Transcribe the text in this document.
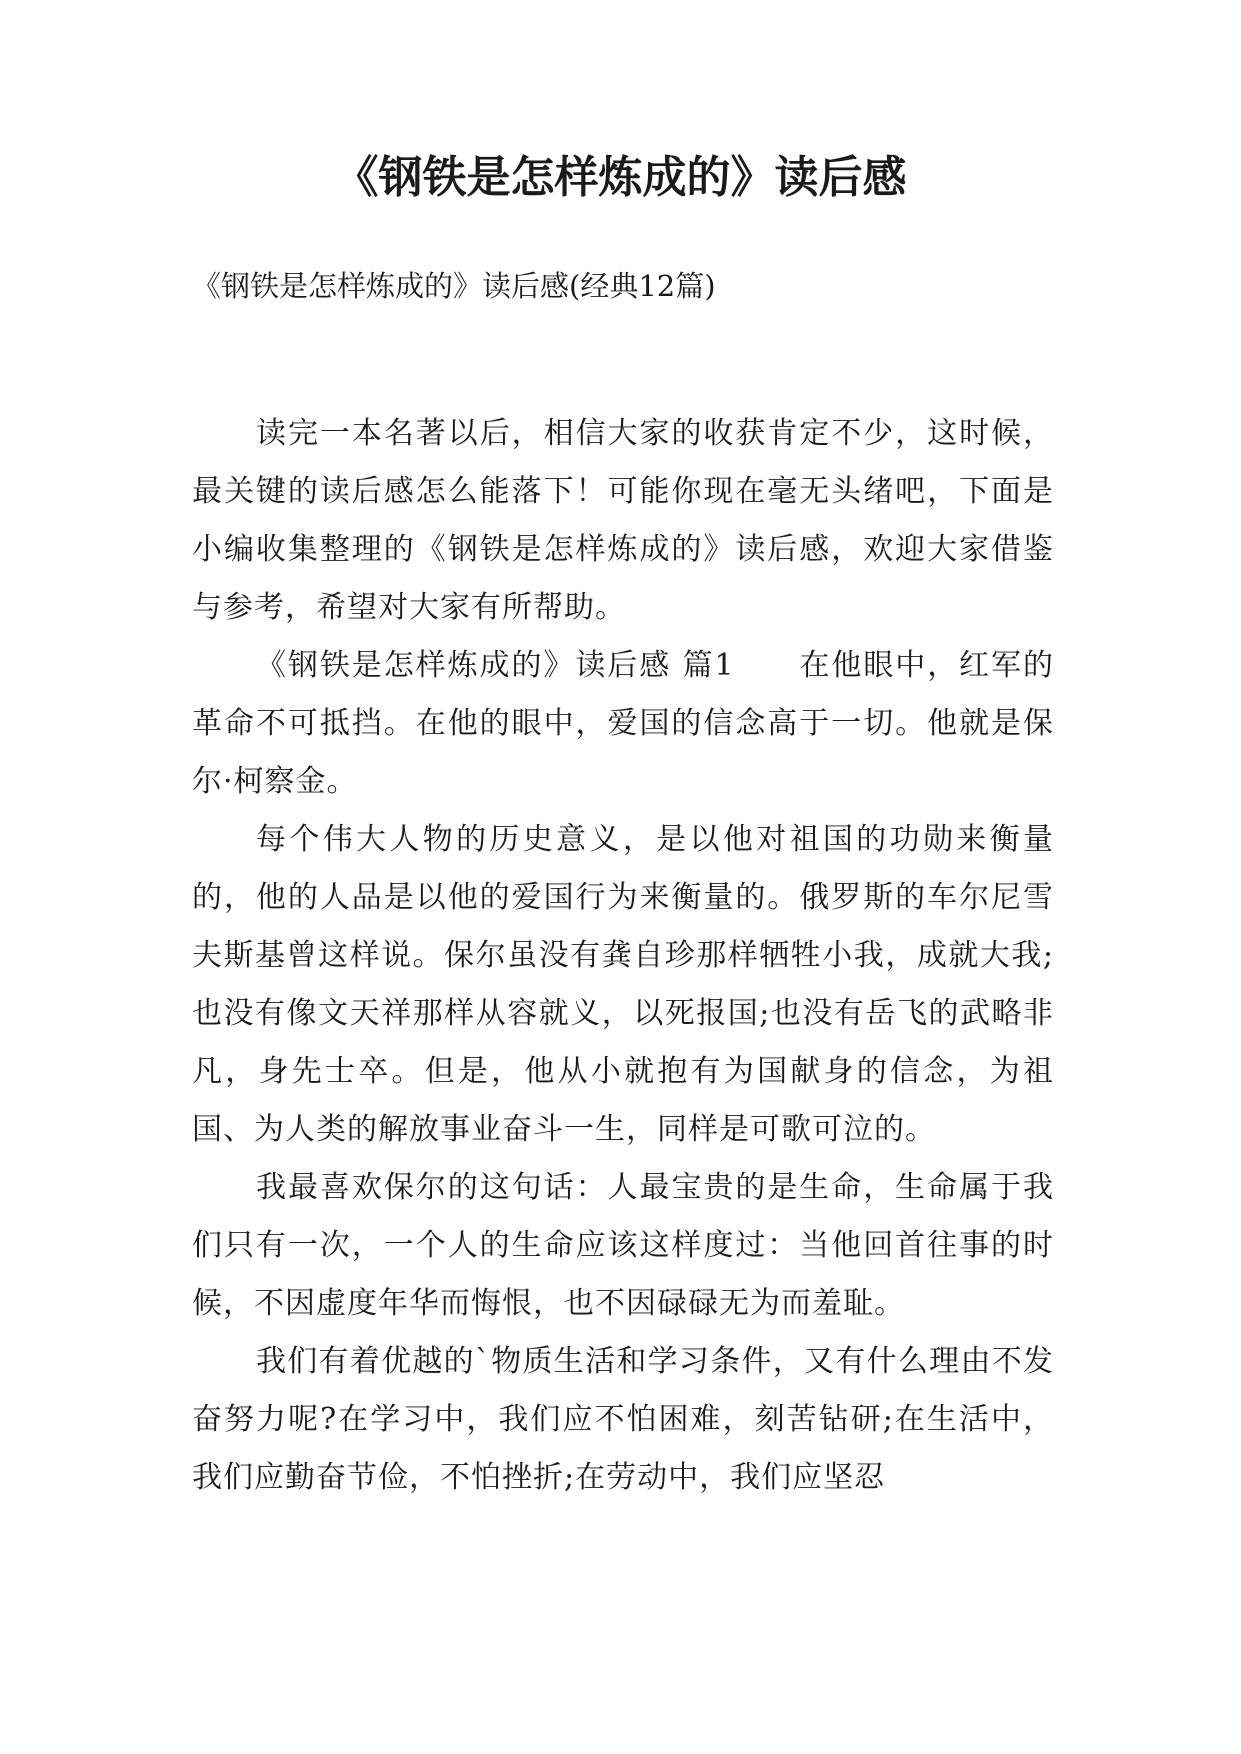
《钢铁是怎样炼成的》读后感

《钢铁是怎样炼成的》读后感(经典12篇)

读完一本名著以后，相信大家的收获肯定不少，这时候，最关键的读后感怎么能落下！可能你现在毫无头绪吧，下面是小编收集整理的《钢铁是怎样炼成的》读后感，欢迎大家借鉴与参考，希望对大家有所帮助。

《钢铁是怎样炼成的》读后感 篇1　　在他眼中，红军的革命不可抵挡。在他的眼中，爱国的信念高于一切。他就是保尔·柯察金。

每个伟大人物的历史意义，是以他对祖国的功勋来衡量的，他的人品是以他的爱国行为来衡量的。俄罗斯的车尔尼雪夫斯基曾这样说。保尔虽没有龚自珍那样牺牲小我，成就大我;也没有像文天祥那样从容就义，以死报国;也没有岳飞的武略非凡，身先士卒。但是，他从小就抱有为国献身的信念，为祖国、为人类的解放事业奋斗一生，同样是可歌可泣的。

我最喜欢保尔的这句话：人最宝贵的是生命，生命属于我们只有一次，一个人的生命应该这样度过：当他回首往事的时候，不因虚度年华而悔恨，也不因碌碌无为而羞耻。

我们有着优越的`物质生活和学习条件，又有什么理由不发奋努力呢?在学习中，我们应不怕困难，刻苦钻研;在生活中，我们应勤奋节俭，不怕挫折;在劳动中，我们应坚忍
